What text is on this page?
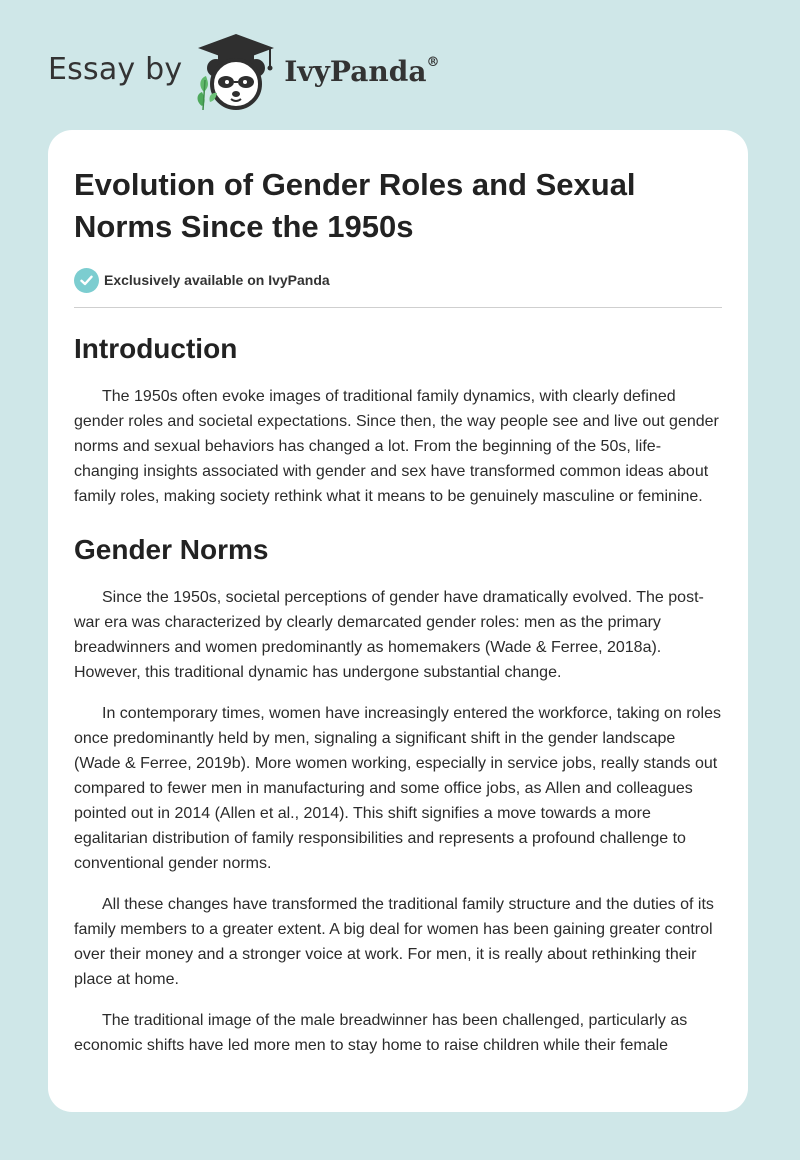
Essay by	IvyPanda®
Evolution of Gender Roles and Sexual Norms Since the 1950s
Exclusively available on IvyPanda
Introduction

The 1950s often evoke images of traditional family dynamics, with clearly defined gender roles and societal expectations. Since then, the way people see and live out gender norms and sexual behaviors has changed a lot. From the beginning of the 50s, life-changing insights associated with gender and sex have transformed common ideas about family roles, making society rethink what it means to be genuinely masculine or feminine.

Gender Norms

Since the 1950s, societal perceptions of gender have dramatically evolved. The post-war era was characterized by clearly demarcated gender roles: men as the primary breadwinners and women predominantly as homemakers (Wade & Ferree, 2018a). However, this traditional dynamic has undergone substantial change.

In contemporary times, women have increasingly entered the workforce, taking on roles once predominantly held by men, signaling a significant shift in the gender landscape (Wade & Ferree, 2019b). More women working, especially in service jobs, really stands out compared to fewer men in manufacturing and some office jobs, as Allen and colleagues pointed out in 2014 (Allen et al., 2014). This shift signifies a move towards a more egalitarian distribution of family responsibilities and represents a profound challenge to conventional gender norms.

All these changes have transformed the traditional family structure and the duties of its family members to a greater extent. A big deal for women has been gaining greater control over their money and a stronger voice at work. For men, it is really about rethinking their place at home.

The traditional image of the male breadwinner has been challenged, particularly as economic shifts have led more men to stay home to raise children while their female
